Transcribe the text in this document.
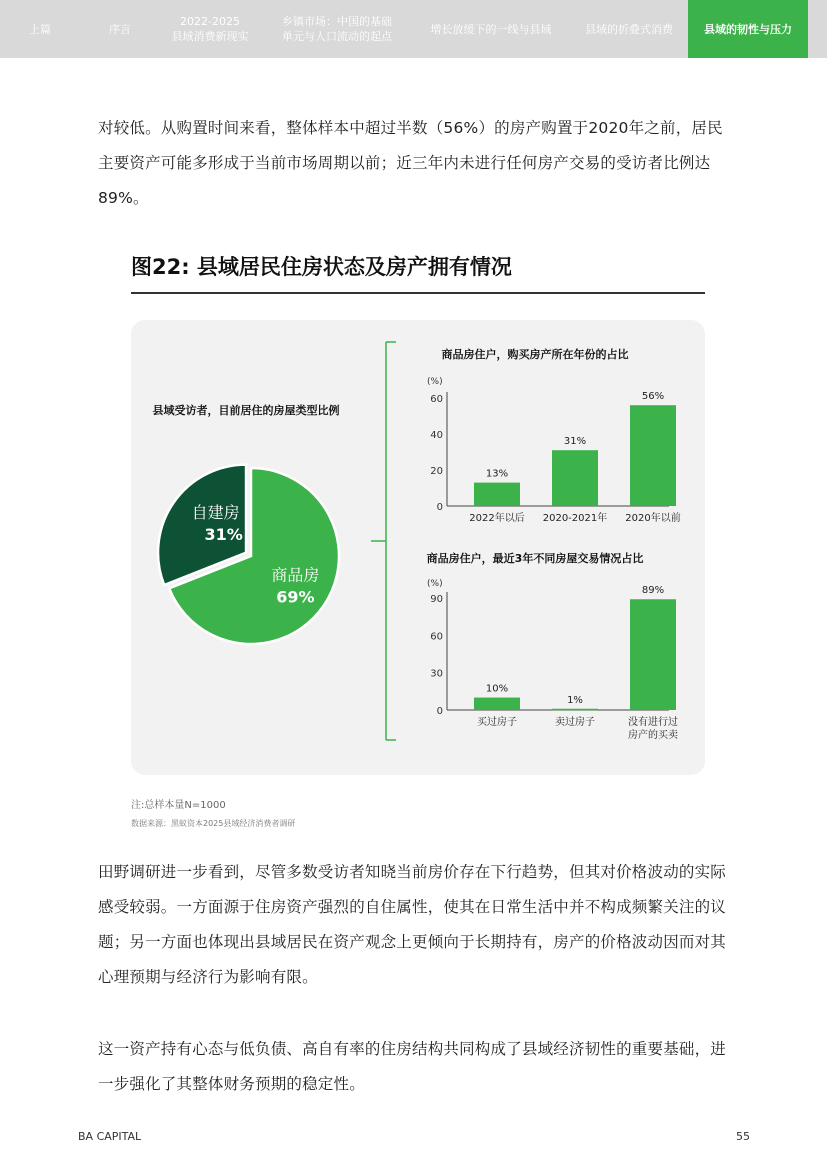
上篇	序言
2022-2025
县域消费新现实
乡镇市场：中国的基础
单元与人口流动的起点
增长放缓下的一线与县域	县域的折叠式消费	县域的韧性与压力
对较低。从购置时间来看，整体样本中超过半数（56%）的房产购置于2020年之前，居民主要资产可能多形成于当前市场周期以前；近三年内未进行任何房产交易的受访者比例达89%。
图22: 县域居民住房状态及房产拥有情况
县域受访者，目前居住的房屋类型比例
商品房
69%
自建房
31%
商品房住户，购买房产所在年份的占比
(%)
0
20
40
60
13%
2022年以后
31%
2020-2021年
56%
2020年以前
商品房住户，最近3年不同房屋交易情况占比
(%)
0
30
60
90
10%
买过房子
1%
卖过房子
89%
没有进行过
房产的买卖
注:总样本量N=1000
数据来源：黑蚁资本2025县域经济消费者调研
田野调研进一步看到，尽管多数受访者知晓当前房价存在下行趋势，但其对价格波动的实际感受较弱。一方面源于住房资产强烈的自住属性，使其在日常生活中并不构成频繁关注的议题；另一方面也体现出县域居民在资产观念上更倾向于长期持有，房产的价格波动因而对其心理预期与经济行为影响有限。
这一资产持有心态与低负债、高自有率的住房结构共同构成了县域经济韧性的重要基础，进一步强化了其整体财务预期的稳定性。
BA CAPITAL	55
